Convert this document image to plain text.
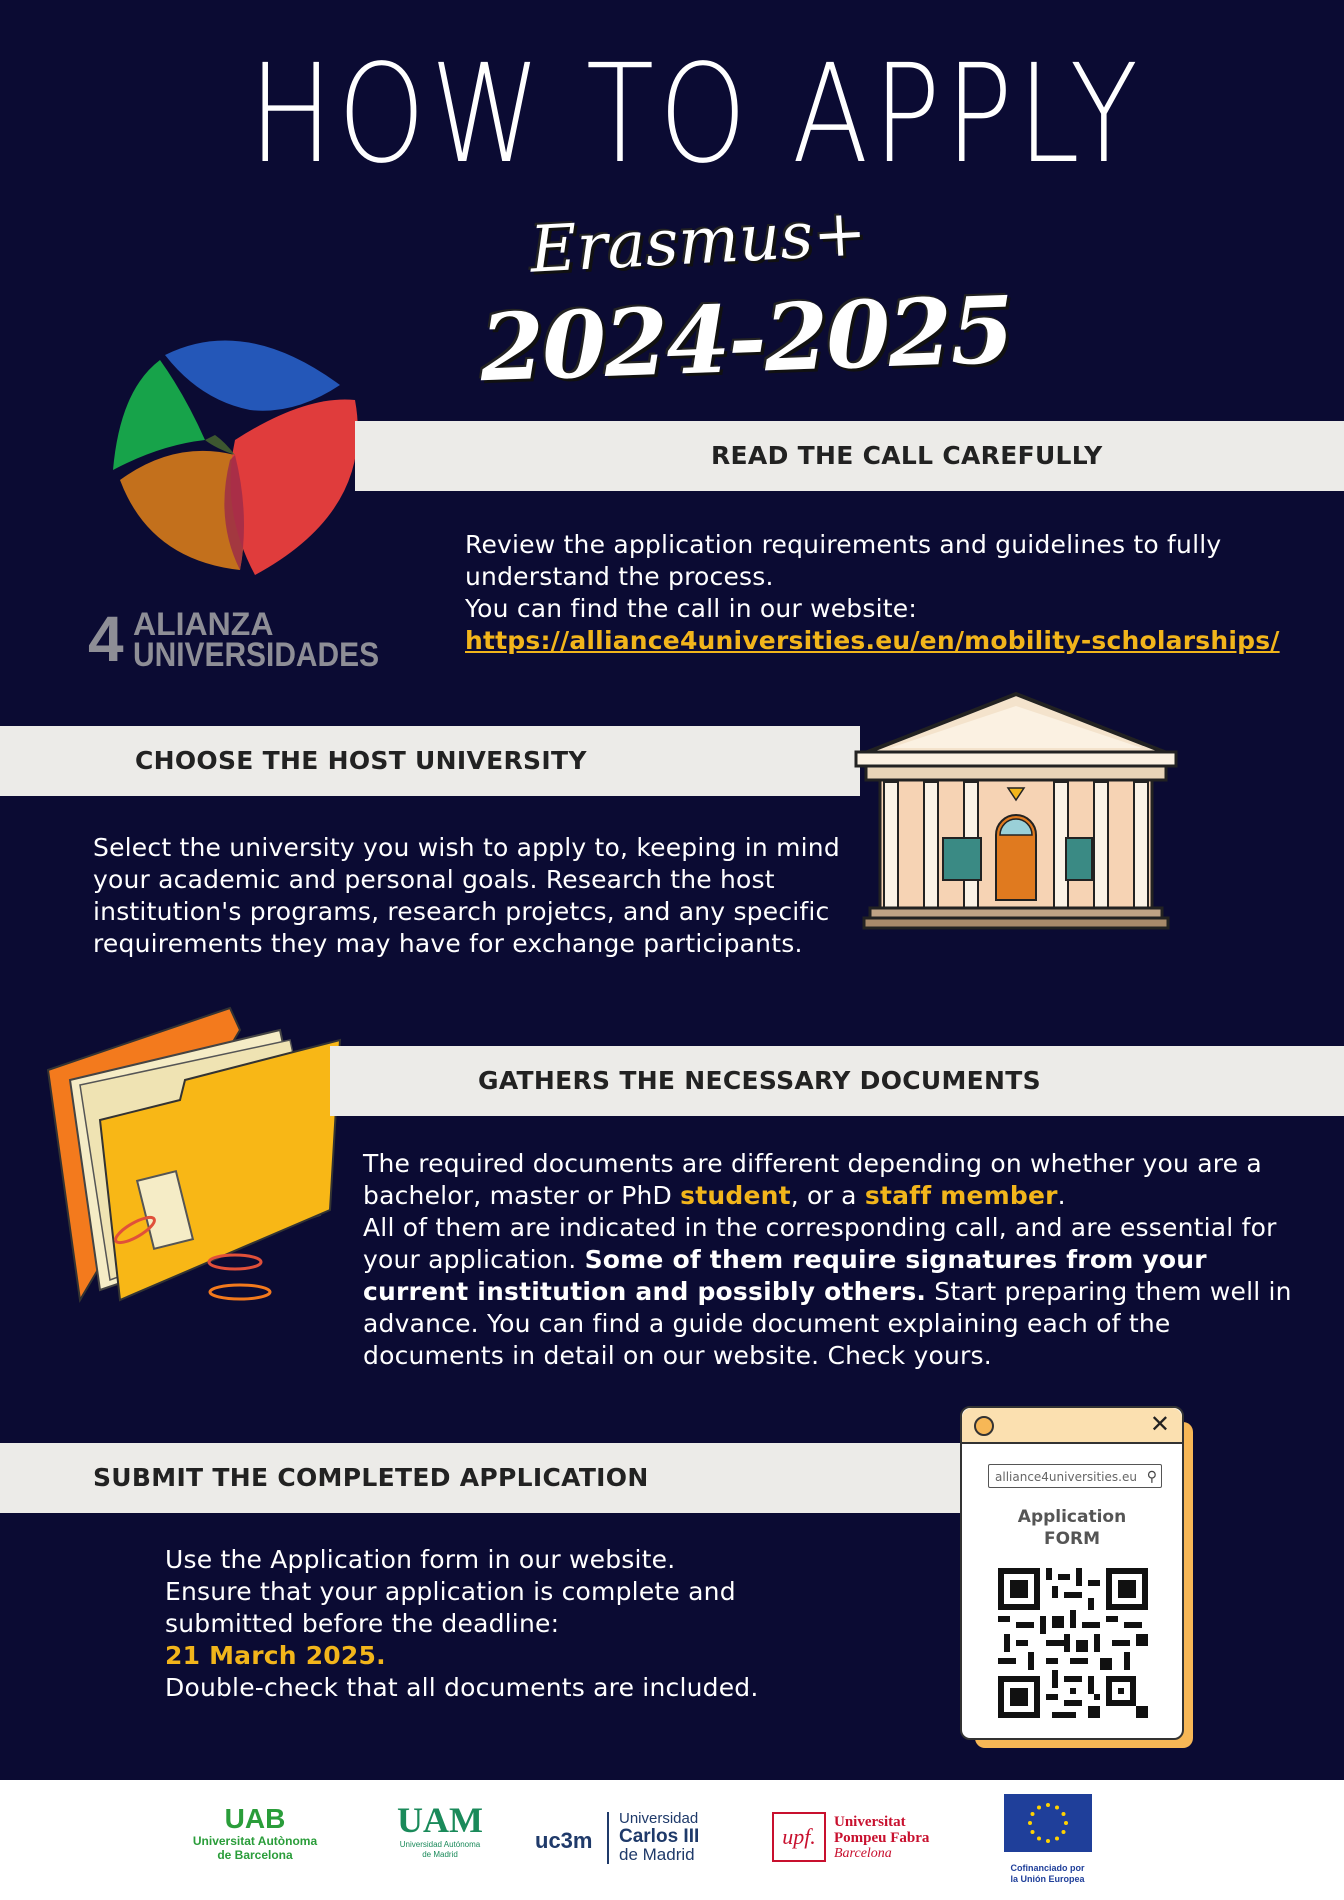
HOW TO APPLY
Erasmus+
2024-2025
4 ALIANZA
UNIVERSIDADES
READ THE CALL CAREFULLY
Review the application requirements and guidelines to fully understand the process.
You can find the call in our website:
https://alliance4universities.eu/en/mobility-scholarships/
CHOOSE THE HOST UNIVERSITY
Select the university you wish to apply to, keeping in mind your academic and personal goals. Research the host institution's programs, research projetcs, and any specific requirements they may have for exchange participants.
GATHERS THE NECESSARY DOCUMENTS
The required documents are different depending on whether you are a bachelor, master or PhD student, or a staff member.
All of them are indicated in the corresponding call, and are essential for your application. Some of them require signatures from your current institution and possibly others. Start preparing them well in advance. You can find a guide document explaining each of the documents in detail on our website. Check yours.
SUBMIT THE COMPLETED APPLICATION
Use the Application form in our website.
Ensure that your application is complete and submitted before the deadline:
21 March 2025.
Double-check that all documents are included.
✕
alliance4universities.eu ⚲
Application
FORM
UAB
Universitat Autònoma
de Barcelona
UAM
Universidad Autónoma
de Madrid
uc3m
Universidad
Carlos III
de Madrid
upf.
Universitat
Pompeu Fabra
Barcelona
Cofinanciado por
la Unión Europea
